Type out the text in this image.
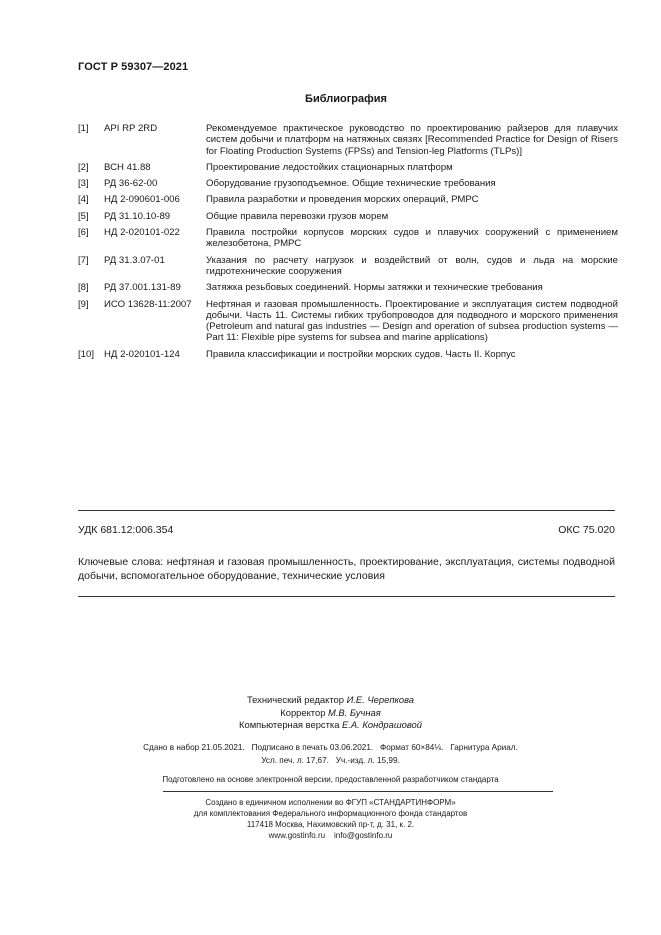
ГОСТ Р 59307—2021
Библиография
[1]	API RP 2RD	Рекомендуемое практическое руководство по проектированию райзеров для плавучих систем добычи и платформ на натяжных связях [Recommended Practice for Design of Risers for Floating Production Systems (FPSs) and Tension-leg Platforms (TLPs)]
[2]	ВСН 41.88	Проектирование ледостойких стационарных платформ
[3]	РД 36-62-00	Оборудование грузоподъемное. Общие технические требования
[4]	НД 2-090601-006	Правила разработки и проведения морских операций, РМРС
[5]	РД 31.10.10-89	Общие правила перевозки грузов морем
[6]	НД 2-020101-022	Правила постройки корпусов морских судов и плавучих сооружений с применением железобетона, РМРС
[7]	РД 31.3.07-01	Указания по расчету нагрузок и воздействий от волн, судов и льда на морские гидротехнические сооружения
[8]	РД 37.001.131-89	Затяжка резьбовых соединений. Нормы затяжки и технические требования
[9]	ИСО 13628-11:2007	Нефтяная и газовая промышленность. Проектирование и эксплуатация систем подводной добычи. Часть 11. Системы гибких трубопроводов для подводного и морского применения (Petroleum and natural gas industries — Design and operation of subsea production systems — Part 11: Flexible pipe systems for subsea and marine applications)
[10]	НД 2-020101-124	Правила классификации и постройки морских судов. Часть II. Корпус
УДК 681.12:006.354	ОКС 75.020
Ключевые слова: нефтяная и газовая промышленность, проектирование, эксплуатация, системы подводной добычи, вспомогательное оборудование, технические условия
Технический редактор И.Е. Черепкова
Корректор М.В. Бучная
Компьютерная верстка Е.А. Кондрашовой
Сдано в набор 21.05.2021.   Подписано в печать 03.06.2021.   Формат 60×84⅛.   Гарнитура Ариал.
Усл. печ. л. 17,67.   Уч.-изд. л. 15,99.
Подготовлено на основе электронной версии, предоставленной разработчиком стандарта
Создано в единичном исполнении во ФГУП «СТАНДАРТИНФОРМ»
для комплектования Федерального информационного фонда стандартов
117418 Москва, Нахимовский пр-т, д. 31, к. 2.
www.gostinfo.ru    info@gostinfo.ru
